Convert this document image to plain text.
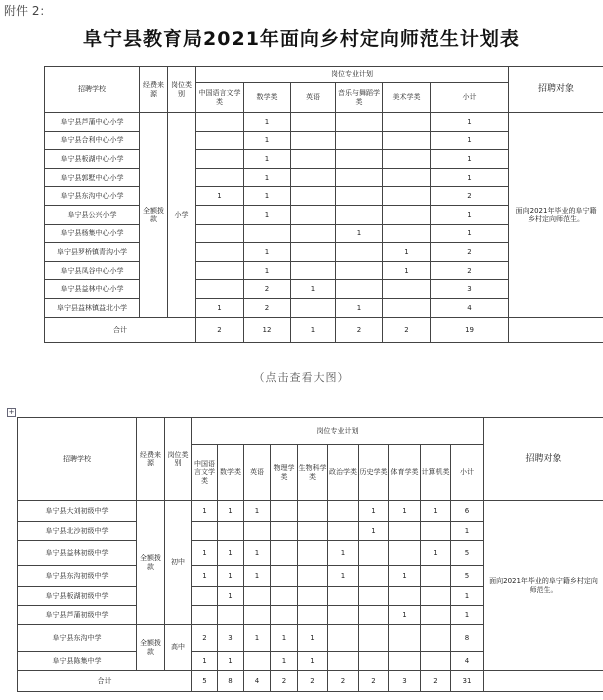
附件 2：
阜宁县教育局2021年面向乡村定向师范生计划表
招聘学校	经费来源	岗位类别	岗位专业计划						招聘对象
			中国语言文学类	数学类	英语	音乐与舞蹈学类	美术学类	小计	
阜宁县芦蒲中心小学	全额拨款	小学		1				1	面向2021年毕业的阜宁籍乡村定向师范生。
阜宁县合利中心小学				1				1	
阜宁县板湖中心小学				1				1	
阜宁县郭墅中心小学				1				1	
阜宁县东沟中心小学			1	1				2	
阜宁县公兴小学				1				1	
阜宁县杨集中心小学						1		1	
阜宁县罗桥镇青沟小学				1			1	2	
阜宁县凤谷中心小学				1			1	2	
阜宁县益林中心小学				2	1			3	
阜宁县益林镇益北小学			1	2		1		4	
合计			2	12	1	2	2	19	
（点击查看大图）
+
招聘学校	经费来源	岗位类别	岗位专业计划										招聘对象
			中国语言文学类	数学类	英语	物理学类	生物科学类	政治学类	历史学类	体育学类	计算机类	小计	
阜宁县大刘初级中学	全额拨款	初中	1	1	1				1	1	1	6	面向2021年毕业的阜宁籍乡村定向师范生。
阜宁县北沙初级中学									1			1	
阜宁县益林初级中学			1	1	1			1			1	5	
阜宁县东沟初级中学			1	1	1			1		1		5	
阜宁县板湖初级中学				1								1	
阜宁县芦蒲初级中学										1		1	
阜宁县东沟中学	全额拨款	高中	2	3	1	1	1					8	
阜宁县陈集中学			1	1		1	1					4	
合计			5	8	4	2	2	2	2	3	2	31	
